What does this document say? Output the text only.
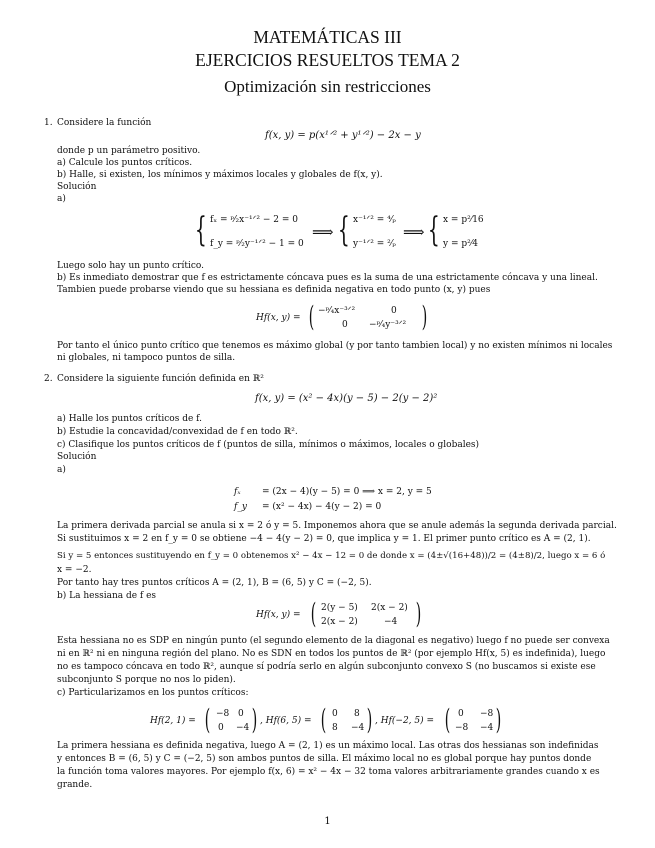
MATEMÁTICAS III
EJERCICIOS RESUELTOS TEMA 2
Optimización sin restricciones
1. Considere la función
f(x, y) = p(x¹ᐟ² + y¹ᐟ²) − 2x − y
donde p un parámetro positivo.
a) Calcule los puntos críticos.
b) Halle, si existen, los mínimos y máximos locales y globales de f(x, y).
Solución
a)
{ fₓ = ᵖ⁄₂x⁻¹ᐟ² − 2 = 0
f_y = ᵖ⁄₂y⁻¹ᐟ² − 1 = 0
⟹ { x⁻¹ᐟ² = ⁴⁄ₚ
y⁻¹ᐟ² = ²⁄ₚ
⟹ { x = p²⁄16
y = p²⁄4
Luego solo hay un punto crítico.
b) Es inmediato demostrar que f es estrictamente cóncava pues es la suma de una estrictamente cóncava y una lineal.
Tambien puede probarse viendo que su hessiana es definida negativa en todo punto (x, y) pues
Hf(x, y) = ( −ᵖ⁄₄x⁻³ᐟ²	0
0 −ᵖ⁄₄y⁻³ᐟ² )
Por tanto el único punto crítico que tenemos es máximo global (y por tanto tambien local) y no existen mínimos ni locales
ni globales, ni tampoco puntos de silla.
2. Considere la siguiente función definida en ℝ²
f(x, y) = (x² − 4x)(y − 5) − 2(y − 2)²
a) Halle los puntos críticos de f.
b) Estudie la concavidad/convexidad de f en todo ℝ².
c) Clasifique los puntos críticos de f (puntos de silla, mínimos o máximos, locales o globales)
Solución
a)
fₓ = (2x − 4)(y − 5) = 0 ⟹ x = 2, y = 5
f_y = (x² − 4x) − 4(y − 2) = 0
La primera derivada parcial se anula si x = 2 ó y = 5. Imponemos ahora que se anule además la segunda derivada parcial.
Si sustituimos x = 2 en f_y = 0 se obtiene −4 − 4(y − 2) = 0, que implica y = 1. El primer punto crítico es A = (2, 1).
Si y = 5 entonces sustituyendo en f_y = 0 obtenemos x² − 4x − 12 = 0 de donde x = (4±√(16+48))/2 = (4±8)/2, luego x = 6 ó
x = −2.
Por tanto hay tres puntos críticos A = (2, 1), B = (6, 5) y C = (−2, 5).
b) La hessiana de f es
Hf(x, y) = ( 2(y − 5) 2(x − 2)
2(x − 2)	−4 )
Esta hessiana no es SDP en ningún punto (el segundo elemento de la diagonal es negativo) luego f no puede ser convexa
ni en ℝ² ni en ninguna región del plano. No es SDN en todos los puntos de ℝ² (por ejemplo Hf(x, 5) es indefinida), luego
no es tampoco cóncava en todo ℝ², aunque sí podría serlo en algún subconjunto convexo S (no buscamos si existe ese
subconjunto S porque no nos lo piden).
c) Particularizamos en los puntos críticos:
Hf(2, 1) = ( −8 0
0 −4 ) , Hf(6, 5) = ( 0 8
8 −4 ) , Hf(−2, 5) = ( 0 −8
−8 −4 )
La primera hessiana es definida negativa, luego A = (2, 1) es un máximo local. Las otras dos hessianas son indefinidas
y entonces B = (6, 5) y C = (−2, 5) son ambos puntos de silla. El máximo local no es global porque hay puntos donde
la función toma valores mayores. Por ejemplo f(x, 6) = x² − 4x − 32 toma valores arbitrariamente grandes cuando x es
grande.
1
